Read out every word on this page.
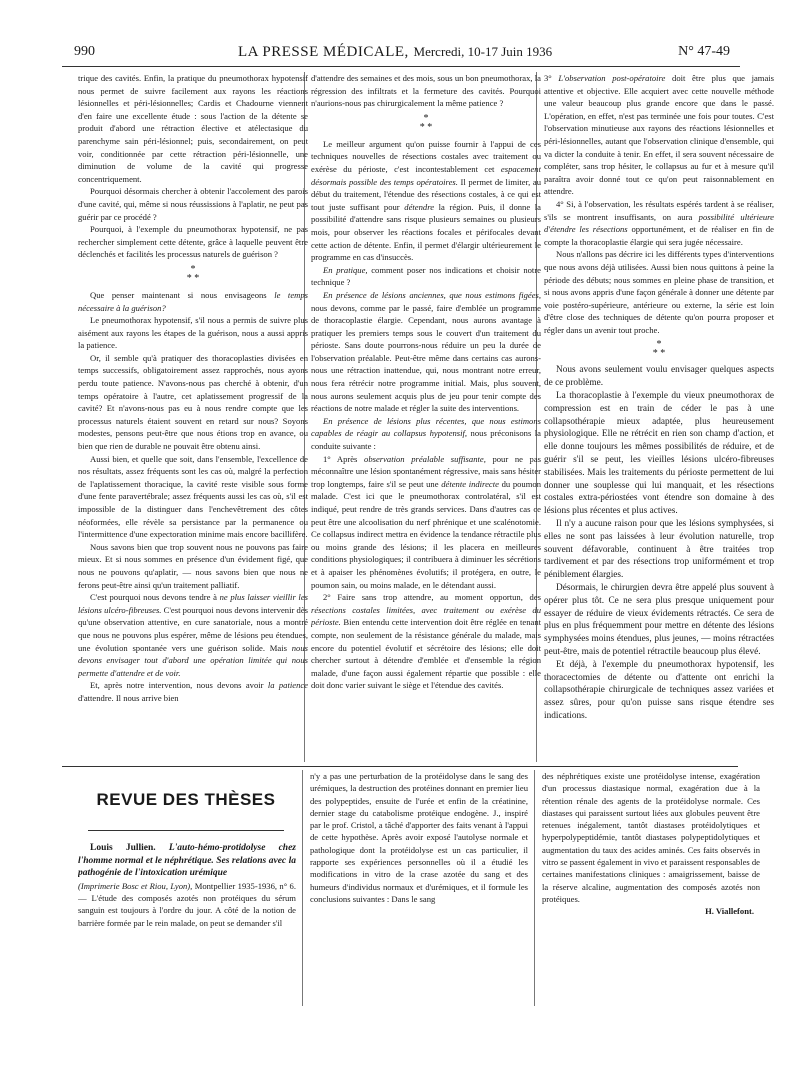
990	LA PRESSE MÉDICALE, Mercredi, 10-17 Juin 1936	N° 47-49

trique des cavités. Enfin, la pratique du pneumothorax hypotensif nous permet de suivre facilement aux rayons les réactions lésionnelles et péri-lésionnelles; Cardis et Chadourne viennent d'en faire une excellente étude : sous l'action de la détente se produit d'abord une rétraction élective et atélectasique du parenchyme sain péri-lésionnel; puis, secondairement, on peut voir, conditionnée par cette rétraction péri-lésionnelle, une diminution de volume de la cavité qui progresse concentriquement.

Pourquoi désormais chercher à obtenir l'accolement des parois d'une cavité, qui, même si nous réussissions à l'aplatir, ne peut pas guérir par ce procédé ?

Pourquoi, à l'exemple du pneumothorax hypotensif, ne pas rechercher simplement cette détente, grâce à laquelle peuvent être déclenchés et facilités les processus naturels de guérison ?

*
* *

Que penser maintenant si nous envisageons le temps nécessaire à la guérison?

Le pneumothorax hypotensif, s'il nous a permis de suivre plus aisément aux rayons les étapes de la guérison, nous a aussi appris la patience.

Or, il semble qu'à pratiquer des thoracoplasties divisées en temps successifs, obligatoirement assez rapprochés, nous ayons perdu toute patience. N'avons-nous pas cherché à obtenir, d'un temps opératoire à l'autre, cet aplatissement progressif de la cavité? Et n'avons-nous pas eu à nous rendre compte que les processus naturels étaient souvent en retard sur nous? Soyons modestes, pensons peut-être que nous étions trop en avance, ou bien que rien de durable ne pouvait être obtenu ainsi.

Aussi bien, et quelle que soit, dans l'ensemble, l'excellence de nos résultats, assez fréquents sont les cas où, malgré la perfection de l'aplatissement thoracique, la cavité reste visible sous forme d'une fente paravertébrale; assez fréquents aussi les cas où, s'il est impossible de la distinguer dans l'enchevêtrement des côtes néoformées, elle révèle sa persistance par la permanence ou l'intermittence d'une expectoration minime mais encore bacillifère.

Nous savons bien que trop souvent nous ne pouvons pas faire mieux. Et si nous sommes en présence d'un évidement figé, que nous ne pouvons qu'aplatir, — nous savons bien que nous ne ferons peut-être ainsi qu'un traitement palliatif.

C'est pourquoi nous devons tendre à ne plus laisser vieillir les lésions ulcéro-fibreuses. C'est pourquoi nous devons intervenir dès qu'une observation attentive, en cure sanatoriale, nous a montré que nous ne pouvons plus espérer, même de lésions peu étendues, une évolution spontanée vers une guérison solide. Mais nous devons envisager tout d'abord une opération limitée qui nous permette d'attendre et de voir.

Et, après notre intervention, nous devons avoir la patience d'attendre. Il nous arrive bien

d'attendre des semaines et des mois, sous un bon pneumothorax, la régression des infiltrats et la fermeture des cavités. Pourquoi n'aurions-nous pas chirurgicalement la même patience ?

*
* *

Le meilleur argument qu'on puisse fournir à l'appui de ces techniques nouvelles de résections costales avec traitement ou exérèse du périoste, c'est incontestablement cet espacement désormais possible des temps opératoires. Il permet de limiter, au début du traitement, l'étendue des résections costales, à ce qui est tout juste suffisant pour détendre la région. Puis, il donne la possibilité d'attendre sans risque plusieurs semaines ou plusieurs mois, pour observer les réactions focales et périfocales devant cette action de détente. Enfin, il permet d'élargir ultérieurement le programme en cas d'insuccès.

En pratique, comment poser nos indications et choisir notre technique ?

En présence de lésions anciennes, que nous estimons figées, nous devons, comme par le passé, faire d'emblée un programme de thoracoplastie élargie. Cependant, nous aurons avantage à pratiquer les premiers temps sous le couvert d'un traitement du périoste. Sans doute pourrons-nous réduire un peu la durée de l'observation préalable. Peut-être même dans certains cas aurons-nous une rétraction inattendue, qui, nous montrant notre erreur, nous fera rétrécir notre programme initial. Mais, plus souvent, nous aurons seulement acquis plus de jeu pour tenir compte des réactions de notre malade et régler la suite des interventions.

En présence de lésions plus récentes, que nous estimons capables de réagir au collapsus hypotensif, nous préconisons la conduite suivante :

1° Après observation préalable suffisante, pour ne pas méconnaître une lésion spontanément régressive, mais sans hésiter trop longtemps, faire s'il se peut une détente indirecte du poumon malade. C'est ici que le pneumothorax controlatéral, s'il est indiqué, peut rendre de très grands services. Dans d'autres cas ce peut être une alcoolisation du nerf phrénique et une scalénotomie. Ce collapsus indirect mettra en évidence la tendance rétractile plus ou moins grande des lésions; il les placera en meilleures conditions physiologiques; il contribuera à diminuer les sécrétions et à apaiser les phénomènes évolutifs; il protégera, en outre, le poumon sain, ou moins malade, en le détendant aussi.

2° Faire sans trop attendre, au moment opportun, des résections costales limitées, avec traitement ou exérèse du périoste. Bien entendu cette intervention doit être réglée en tenant compte, non seulement de la résistance générale du malade, mais encore du potentiel évolutif et sécrétoire des lésions; elle doit chercher surtout à détendre d'emblée et d'ensemble la région malade, d'une façon aussi également répartie que possible : elle doit donc varier suivant le siège et l'étendue des cavités.

3° L'observation post-opératoire doit être plus que jamais attentive et objective. Elle acquiert avec cette nouvelle méthode une valeur beaucoup plus grande encore que dans le passé. L'opération, en effet, n'est pas terminée une fois pour toutes. C'est l'observation minutieuse aux rayons des réactions lésionnelles et péri-lésionnelles, autant que l'observation clinique d'ensemble, qui va dicter la conduite à tenir. En effet, il sera souvent nécessaire de compléter, sans trop hésiter, le collapsus au fur et à mesure qu'il paraîtra avoir donné tout ce qu'on peut raisonnablement en attendre.

4° Si, à l'observation, les résultats espérés tardent à se réaliser, s'ils se montrent insuffisants, on aura possibilité ultérieure d'étendre les résections opportunément, et de réaliser en fin de compte la thoracoplastie élargie qui sera jugée nécessaire.

Nous n'allons pas décrire ici les différents types d'interventions que nous avons déjà utilisées. Aussi bien nous quittons à peine la période des débuts; nous sommes en pleine phase de transition, et si nous avons appris d'une façon générale à donner une détente par voie postéro-supérieure, antérieure ou externe, la série est loin d'être close des techniques de détente qu'on pourra proposer et régler dans un avenir tout proche.

*
* *

Nous avons seulement voulu envisager quelques aspects de ce problème.

La thoracoplastie à l'exemple du vieux pneumothorax de compression est en train de céder le pas à une collapsothérapie mieux adaptée, plus heureusement physiologique. Elle ne rétrécit en rien son champ d'action, et elle donne toujours les mêmes possibilités de réduire, et de guérir s'il se peut, les vieilles lésions ulcéro-fibreuses stabilisées. Mais les traitements du périoste permettent de lui donner une souplesse qui lui manquait, et les résections costales extra-périostées vont étendre son domaine à des lésions plus récentes et plus actives.

Il n'y a aucune raison pour que les lésions symphysées, si elles ne sont pas laissées à leur évolution naturelle, trop souvent défavorable, continuent à être traitées trop tardivement et par des résections trop uniformément et trop péniblement élargies.

Désormais, le chirurgien devra être appelé plus souvent à opérer plus tôt. Ce ne sera plus presque uniquement pour essayer de réduire de vieux évidements rétractés. Ce sera de plus en plus fréquemment pour mettre en détente des lésions symphysées moins étendues, plus jeunes, — moins rétractées peut-être, mais de potentiel rétractile beaucoup plus élevé.

Et déjà, à l'exemple du pneumothorax hypotensif, les thoracectomies de détente ou d'attente ont enrichi la collapsothérapie chirurgicale de techniques assez variées et assez sûres, pour qu'on puisse sans risque étendre ses indications.

REVUE DES THÈSES

Louis Jullien. L'auto-hémo-protidolyse chez l'homme normal et le néphrétique. Ses relations avec la pathogénie de l'intoxication urémique

(Imprimerie Bosc et Riou, Lyon), Montpellier 1935-1936, n° 6. — L'étude des composés azotés non protéiques du sérum sanguin est toujours à l'ordre du jour. A côté de la notion de barrière formée par le rein malade, on peut se demander s'il

n'y a pas une perturbation de la protéidolyse dans le sang des urémiques, la destruction des protéines donnant en premier lieu des polypeptides, ensuite de l'urée et enfin de la créatinine, dernier stage du catabolisme protéique endogène. J., inspiré par le prof. Cristol, a tâché d'apporter des faits venant à l'appui de cette hypothèse. Après avoir exposé l'autolyse normale et pathologique dont la protéidolyse est un cas particulier, il rapporte ses expériences personnelles où il a étudié les modifications in vitro de la crase azotée du sang et des humeurs d'individus normaux et d'urémiques, et il formule les conclusions suivantes : Dans le sang

des néphrétiques existe une protéidolyse intense, exagération d'un processus diastasique normal, exagération due à la rétention rénale des agents de la protéidolyse normale. Ces diastases qui paraissent surtout liées aux globules peuvent être retenues inégalement, tantôt diastases protéidolytiques et hyperpolypeptidémie, tantôt diastases polypeptidolytiques et augmentation du taux des acides aminés. Ces faits observés in vitro se passent également in vivo et paraissent responsables de certaines manifestations cliniques : amaigrissement, baisse de la réserve alcaline, augmentation des composés azotés non protéiques.

H. Viallefont.
